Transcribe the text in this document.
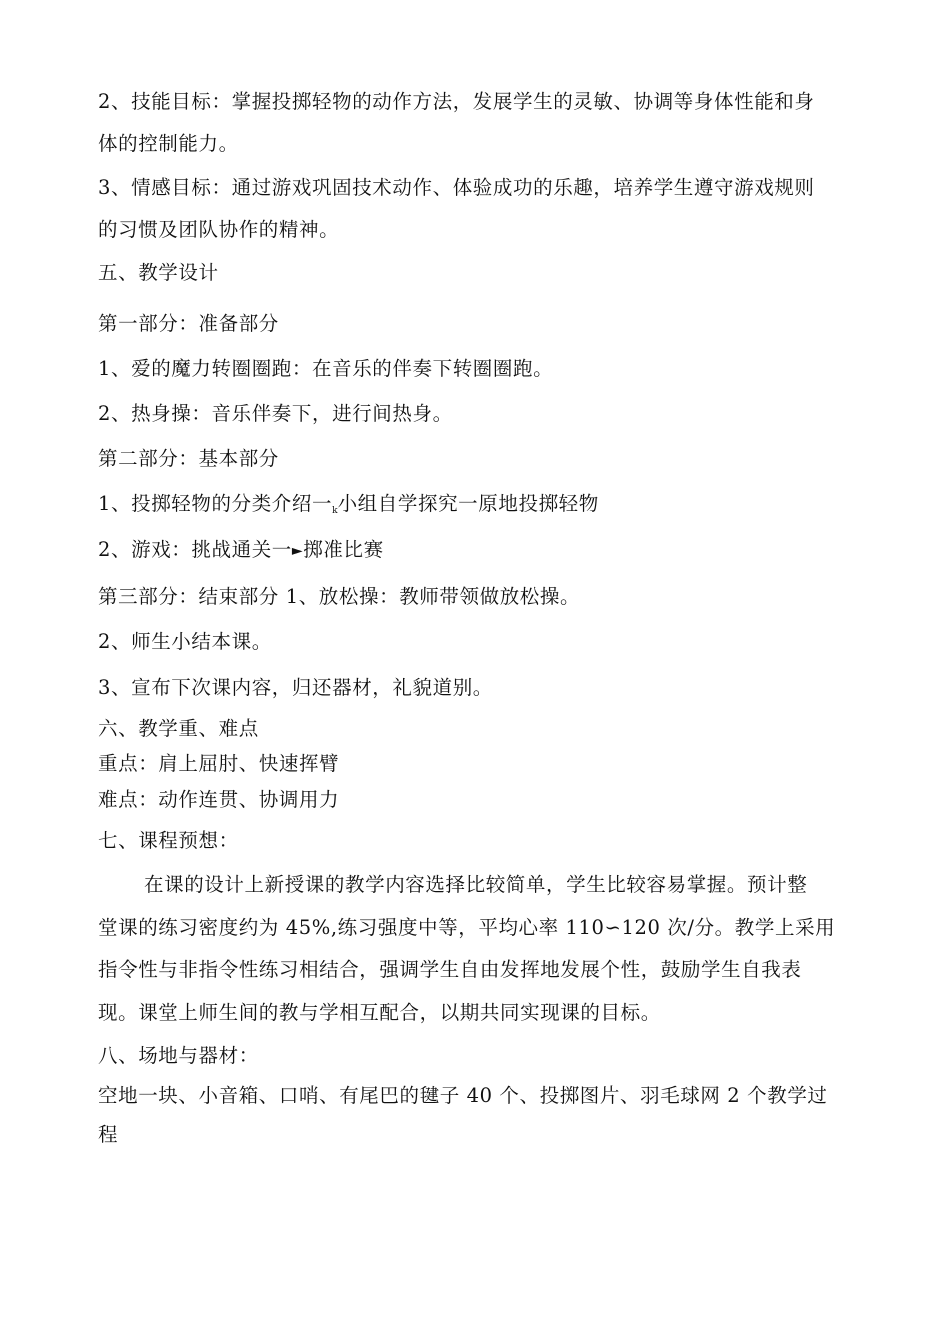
2、技能目标：掌握投掷轻物的动作方法，发展学生的灵敏、协调等身体性能和身
体的控制能力。
3、情感目标：通过游戏巩固技术动作、体验成功的乐趣，培养学生遵守游戏规则
的习惯及团队协作的精神。
五、教学设计
第一部分：准备部分
1、爱的魔力转圈圈跑：在音乐的伴奏下转圈圈跑。
2、热身操：音乐伴奏下，进行间热身。
第二部分：基本部分
1、投掷轻物的分类介绍一$_k$小组自学探究一原地投掷轻物
2、游戏：挑战通关一►掷准比赛
第三部分：结束部分 1、放松操：教师带领做放松操。
2、师生小结本课。
3、宣布下次课内容，归还器材，礼貌道别。
六、教学重、难点
重点：肩上屈肘、快速挥臂
难点：动作连贯、协调用力
七、课程预想：
在课的设计上新授课的教学内容选择比较简单，学生比较容易掌握。预计整
堂课的练习密度约为 45%,练习强度中等，平均心率 110∽120 次/分。教学上采用
指令性与非指令性练习相结合，强调学生自由发挥地发展个性，鼓励学生自我表
现。课堂上师生间的教与学相互配合，以期共同实现课的目标。
八、场地与器材：
空地一块、小音箱、口哨、有尾巴的毽子 40 个、投掷图片、羽毛球网 2 个教学过
程
